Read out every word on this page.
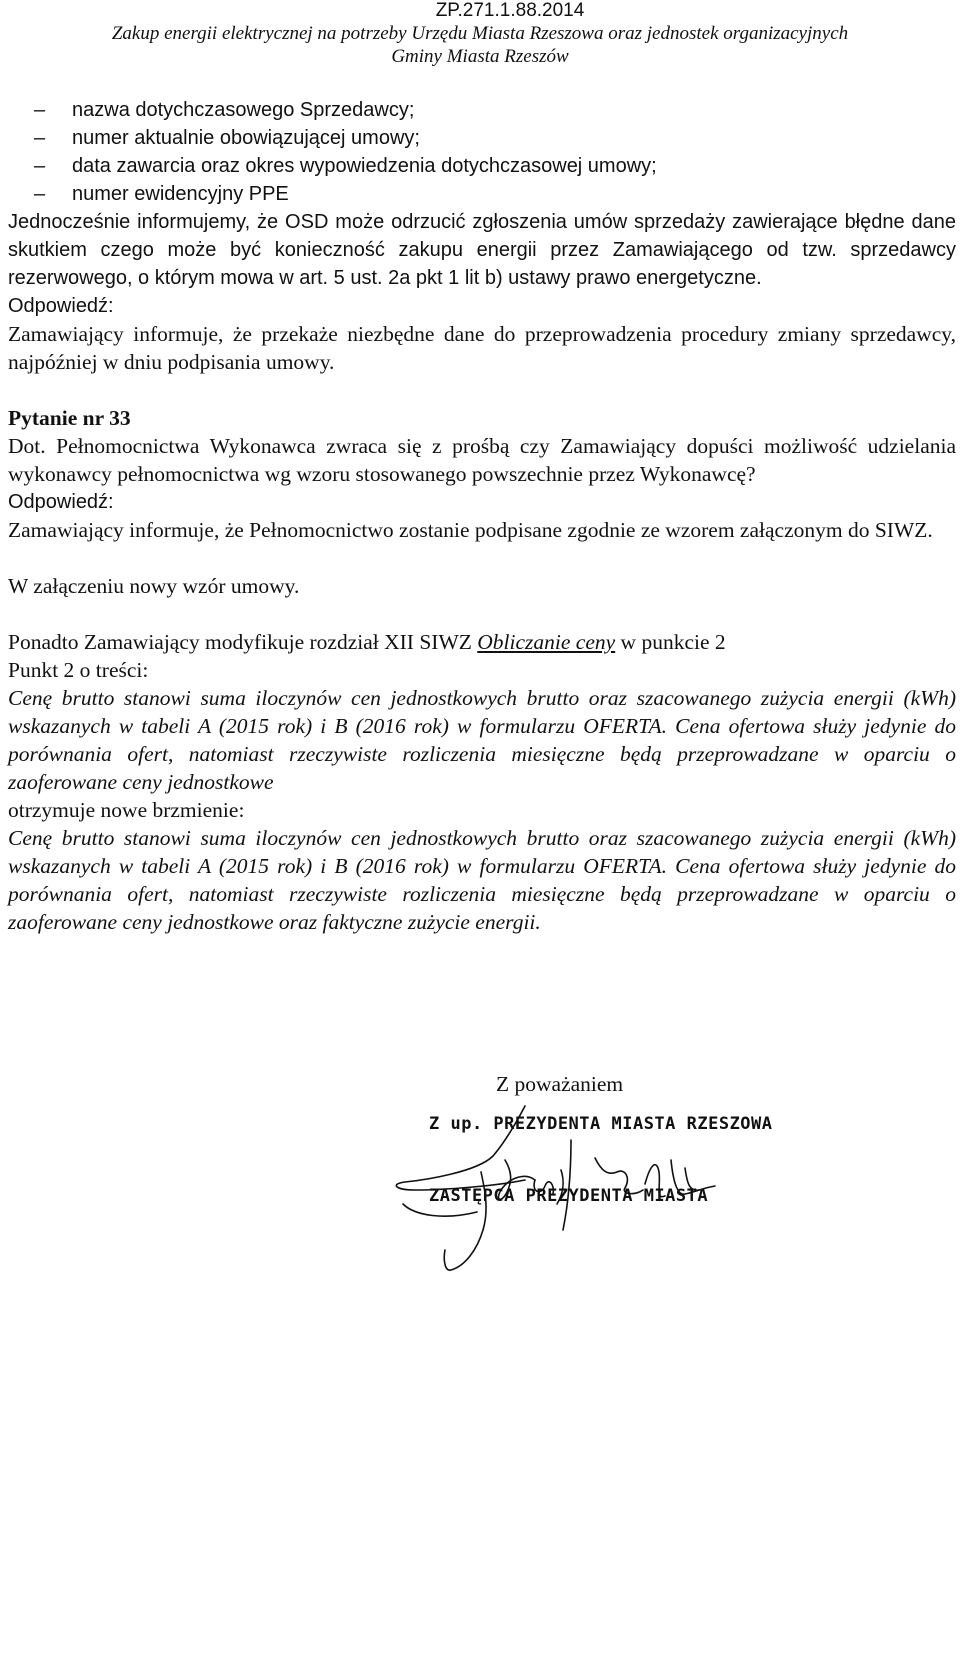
ZP.271.1.88.2014
Zakup energii elektrycznej na potrzeby Urzędu Miasta Rzeszowa oraz jednostek organizacyjnych
Gminy Miasta Rzeszów
– nazwa dotychczasowego Sprzedawcy;
– numer aktualnie obowiązującej umowy;
– data zawarcia oraz okres wypowiedzenia dotychczasowej umowy;
– numer ewidencyjny PPE

Jednocześnie informujemy, że OSD może odrzucić zgłoszenia umów sprzedaży zawierające błędne dane skutkiem czego może być konieczność zakupu energii przez Zamawiającego od tzw. sprzedawcy rezerwowego, o którym mowa w art. 5 ust. 2a pkt 1 lit b) ustawy prawo energetyczne.

Odpowiedź:

Zamawiający informuje, że przekaże niezbędne dane do przeprowadzenia procedury zmiany sprzedawcy, najpóźniej w dniu podpisania umowy.

Pytanie nr 33

Dot. Pełnomocnictwa Wykonawca zwraca się z prośbą czy Zamawiający dopuści możliwość udzielania wykonawcy pełnomocnictwa wg wzoru stosowanego powszechnie przez Wykonawcę?

Odpowiedź:

Zamawiający informuje, że Pełnomocnictwo zostanie podpisane zgodnie ze wzorem załączonym do SIWZ.

W załączeniu nowy wzór umowy.

Ponadto Zamawiający modyfikuje rozdział XII SIWZ Obliczanie ceny w punkcie 2

Punkt 2 o treści:

Cenę brutto stanowi suma iloczynów cen jednostkowych brutto oraz szacowanego zużycia energii (kWh) wskazanych w tabeli A (2015 rok) i B (2016 rok) w formularzu OFERTA. Cena ofertowa służy jedynie do porównania ofert, natomiast rzeczywiste rozliczenia miesięczne będą przeprowadzane w oparciu o zaoferowane ceny jednostkowe

otrzymuje nowe brzmienie:

Cenę brutto stanowi suma iloczynów cen jednostkowych brutto oraz szacowanego zużycia energii (kWh) wskazanych w tabeli A (2015 rok) i B (2016 rok) w formularzu OFERTA. Cena ofertowa służy jedynie do porównania ofert, natomiast rzeczywiste rozliczenia miesięczne będą przeprowadzane w oparciu o zaoferowane ceny jednostkowe oraz faktyczne zużycie energii.

Z poważaniem
Z up. PREZYDENTA MIASTA RZESZOWA
ZASTĘPCA PREZYDENTA MIASTA
